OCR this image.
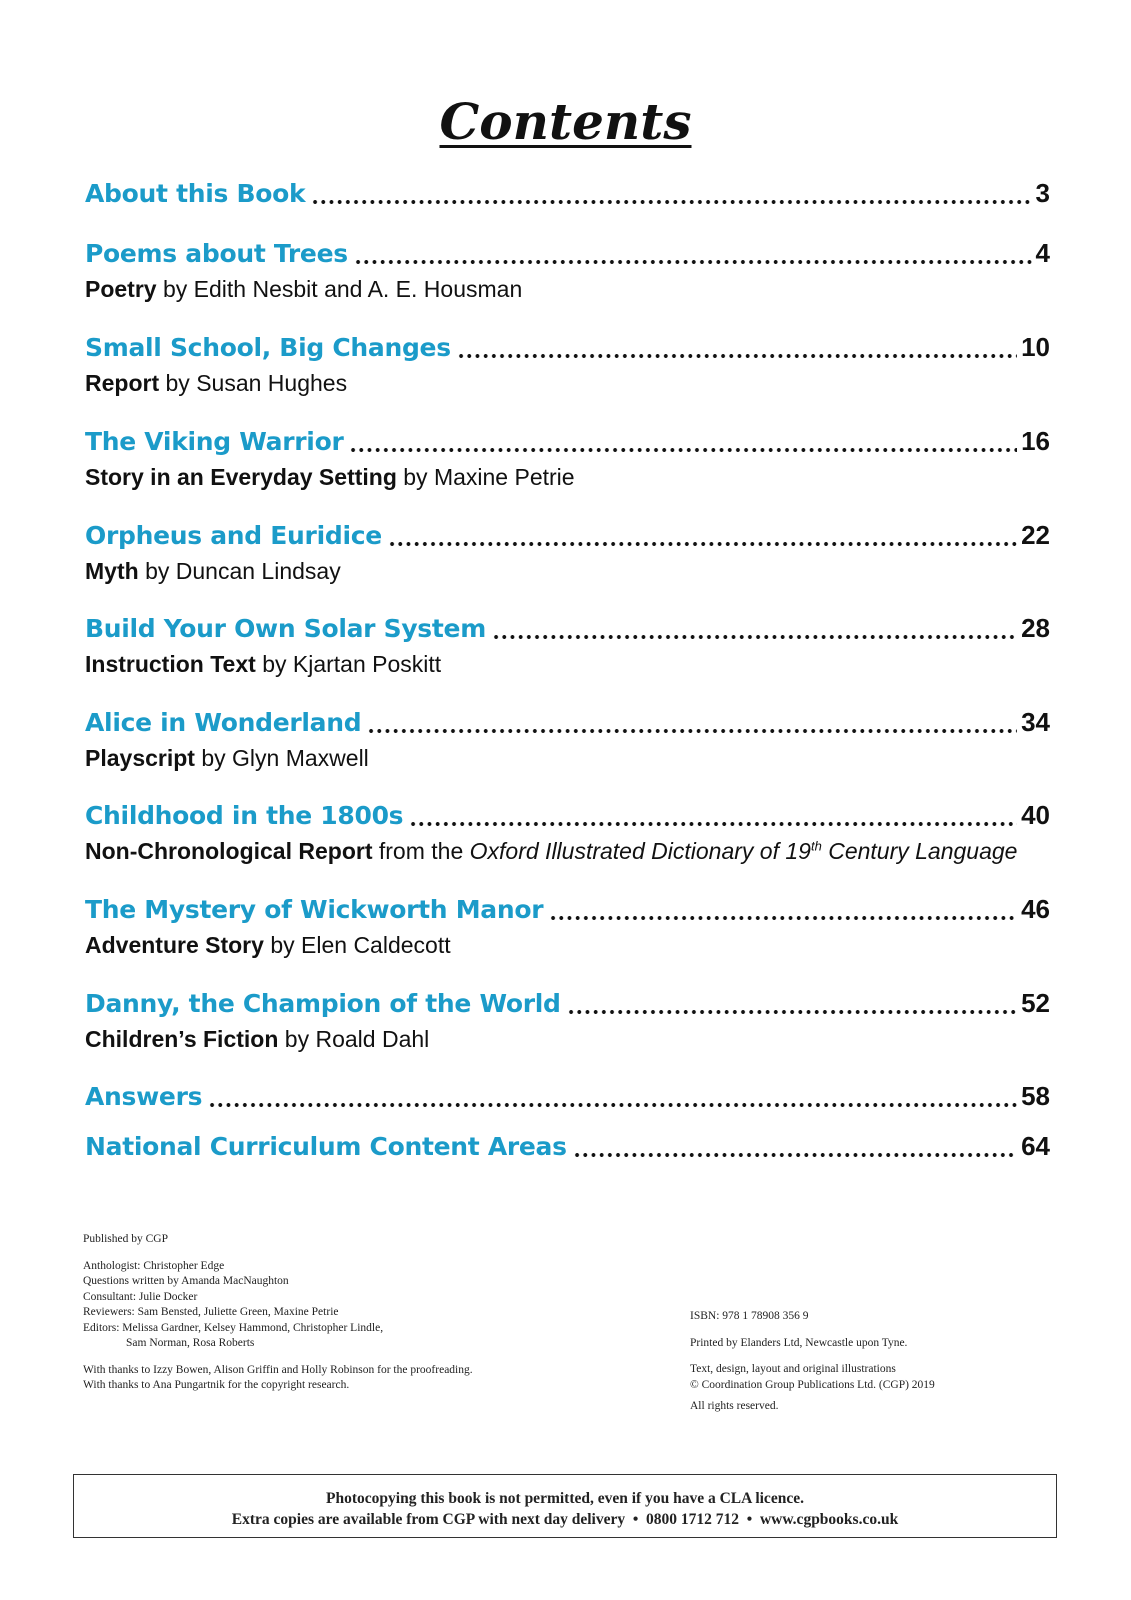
Contents
About this Book	3
Poems about Trees	4
Poetry by Edith Nesbit and A. E. Housman
Small School, Big Changes	10
Report by Susan Hughes
The Viking Warrior	16
Story in an Everyday Setting by Maxine Petrie
Orpheus and Euridice	22
Myth by Duncan Lindsay
Build Your Own Solar System	28
Instruction Text by Kjartan Poskitt
Alice in Wonderland	34
Playscript by Glyn Maxwell
Childhood in the 1800s	40
Non-Chronological Report from the Oxford Illustrated Dictionary of 19th Century Language
The Mystery of Wickworth Manor	46
Adventure Story by Elen Caldecott
Danny, the Champion of the World	52
Children’s Fiction by Roald Dahl
Answers	58
National Curriculum Content Areas	64
Published by CGP
Anthologist: Christopher Edge
Questions written by Amanda MacNaughton
Consultant: Julie Docker
Reviewers: Sam Bensted, Juliette Green, Maxine Petrie
Editors: Melissa Gardner, Kelsey Hammond, Christopher Lindle,
Sam Norman, Rosa Roberts
With thanks to Izzy Bowen, Alison Griffin and Holly Robinson for the proofreading.
With thanks to Ana Pungartnik for the copyright research.
ISBN: 978 1 78908 356 9
Printed by Elanders Ltd, Newcastle upon Tyne.
Text, design, layout and original illustrations
© Coordination Group Publications Ltd. (CGP) 2019
All rights reserved.
Photocopying this book is not permitted, even if you have a CLA licence.
Extra copies are available from CGP with next day delivery  •  0800 1712 712  •  www.cgpbooks.co.uk
